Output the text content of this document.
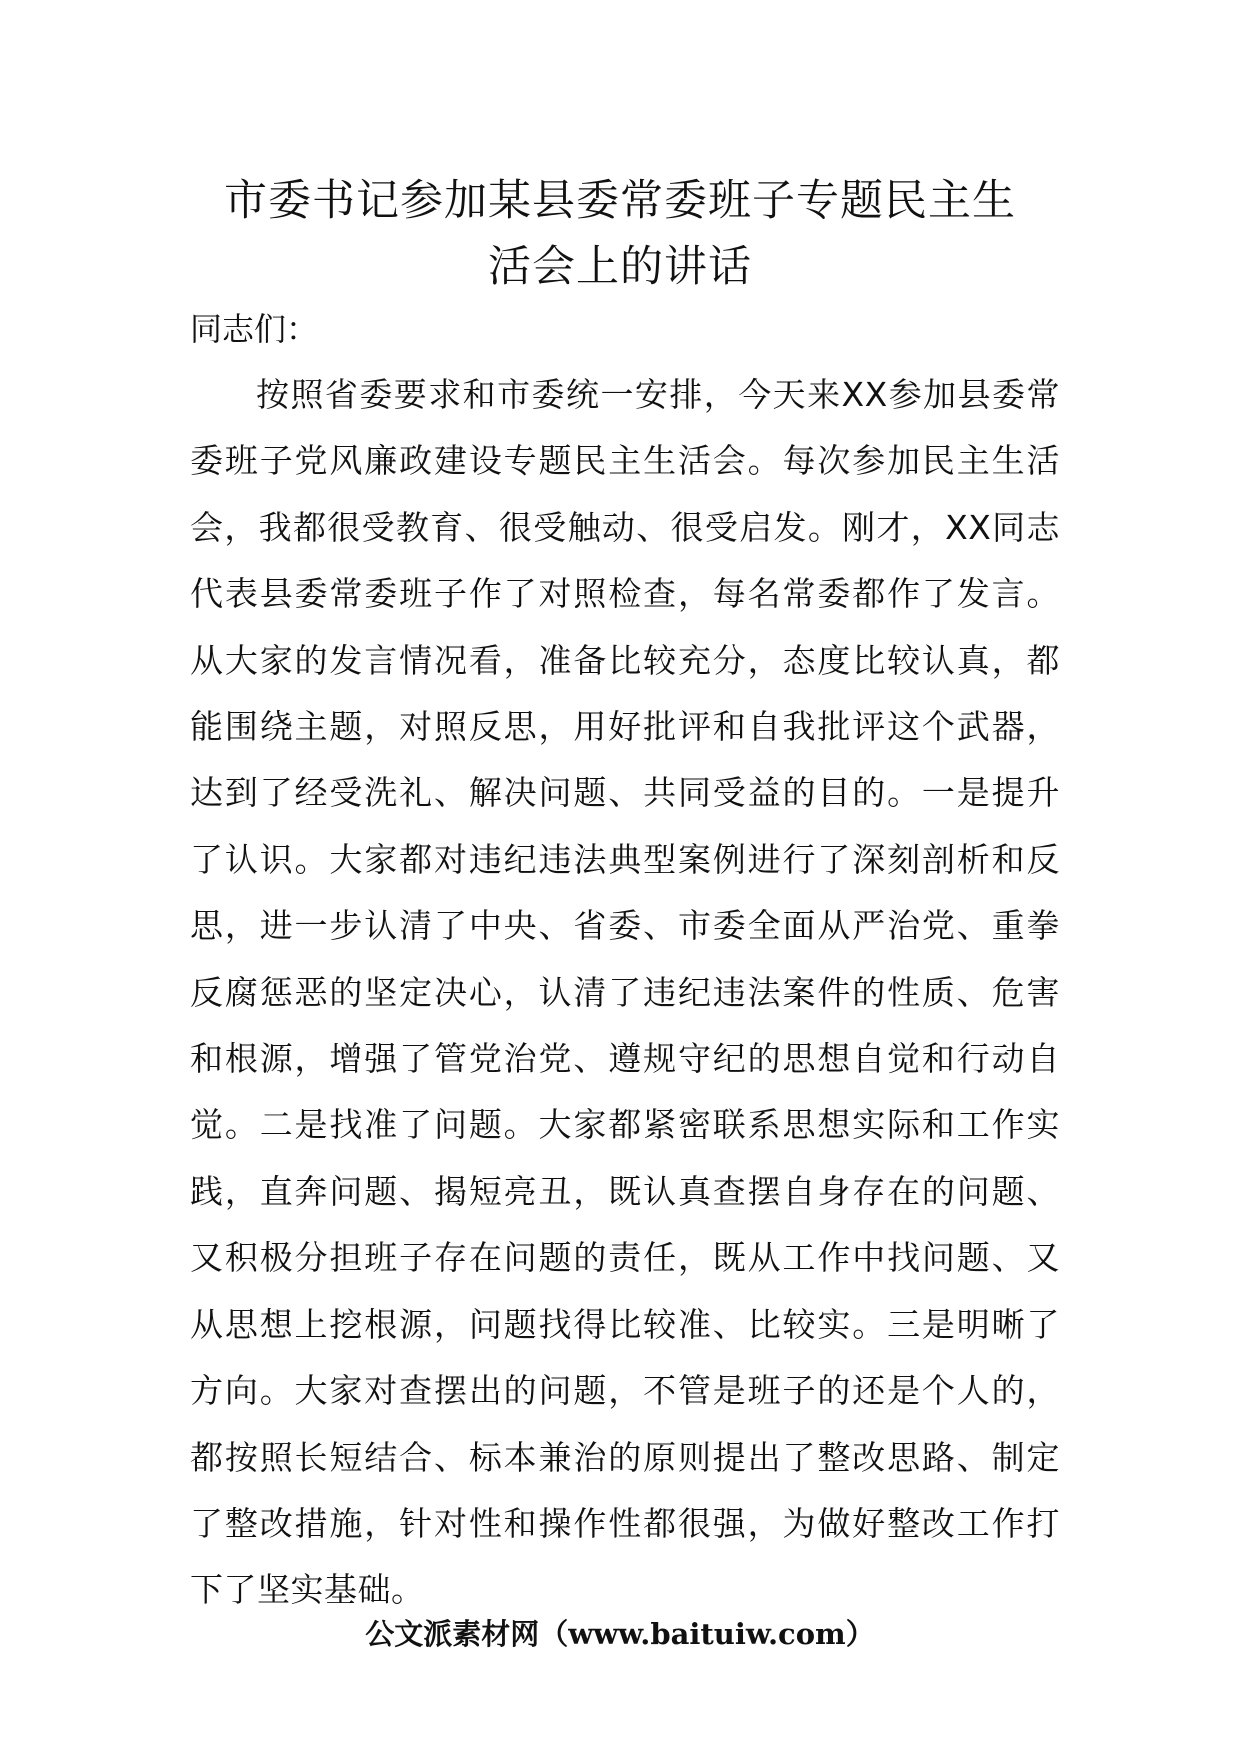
市委书记参加某县委常委班子专题民主生
活会上的讲话
同志们：

按照省委要求和市委统一安排，今天来XX参加县委常委班子党风廉政建设专题民主生活会。每次参加民主生活会，我都很受教育、很受触动、很受启发。刚才，XX同志代表县委常委班子作了对照检查，每名常委都作了发言。从大家的发言情况看，准备比较充分，态度比较认真，都能围绕主题，对照反思，用好批评和自我批评这个武器，达到了经受洗礼、解决问题、共同受益的目的。一是提升了认识。大家都对违纪违法典型案例进行了深刻剖析和反思，进一步认清了中央、省委、市委全面从严治党、重拳反腐惩恶的坚定决心，认清了违纪违法案件的性质、危害和根源，增强了管党治党、遵规守纪的思想自觉和行动自觉。二是找准了问题。大家都紧密联系思想实际和工作实践，直奔问题、揭短亮丑，既认真查摆自身存在的问题、又积极分担班子存在问题的责任，既从工作中找问题、又从思想上挖根源，问题找得比较准、比较实。三是明晰了方向。大家对查摆出的问题，不管是班子的还是个人的，都按照长短结合、标本兼治的原则提出了整改思路、制定了整改措施，针对性和操作性都很强，为做好整改工作打下了坚实基础。

公文派素材网（www.baituiw.com）
